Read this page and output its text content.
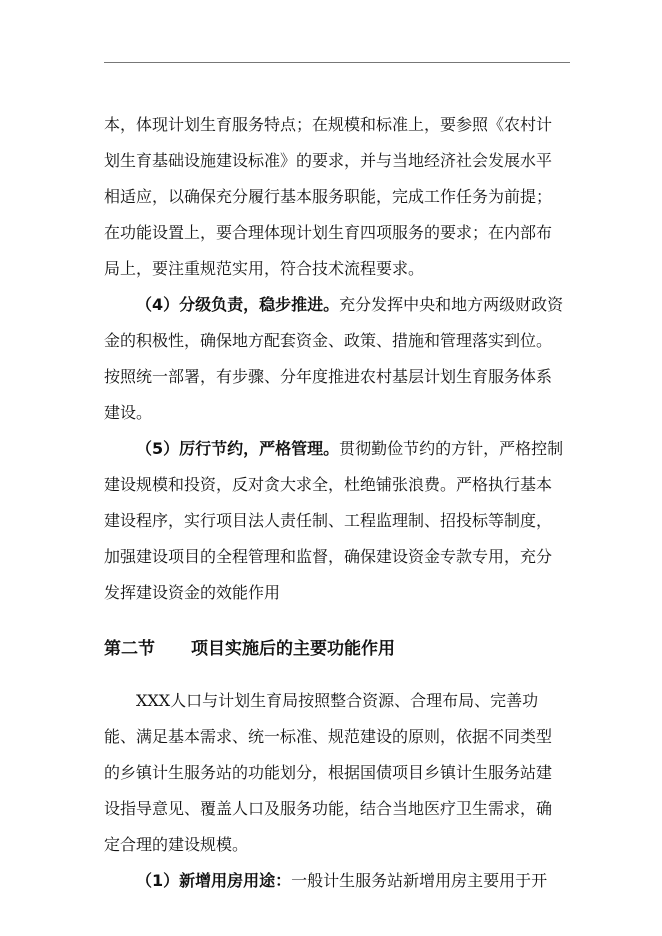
本，体现计划生育服务特点；在规模和标准上，要参照《农村计划生育基础设施建设标准》的要求，并与当地经济社会发展水平相适应，以确保充分履行基本服务职能，完成工作任务为前提；在功能设置上，要合理体现计划生育四项服务的要求；在内部布局上，要注重规范实用，符合技术流程要求。

（4）分级负责，稳步推进。充分发挥中央和地方两级财政资金的积极性，确保地方配套资金、政策、措施和管理落实到位。按照统一部署，有步骤、分年度推进农村基层计划生育服务体系建设。

（5）厉行节约，严格管理。贯彻勤俭节约的方针，严格控制建设规模和投资，反对贪大求全，杜绝铺张浪费。严格执行基本建设程序，实行项目法人责任制、工程监理制、招投标等制度，加强建设项目的全程管理和监督，确保建设资金专款专用，充分发挥建设资金的效能作用

第二节 项目实施后的主要功能作用

XXX人口与计划生育局按照整合资源、合理布局、完善功能、满足基本需求、统一标准、规范建设的原则，依据不同类型的乡镇计生服务站的功能划分，根据国债项目乡镇计生服务站建设指导意见、覆盖人口及服务功能，结合当地医疗卫生需求，确定合理的建设规模。

（1）新增用房用途：一般计生服务站新增用房主要用于开
